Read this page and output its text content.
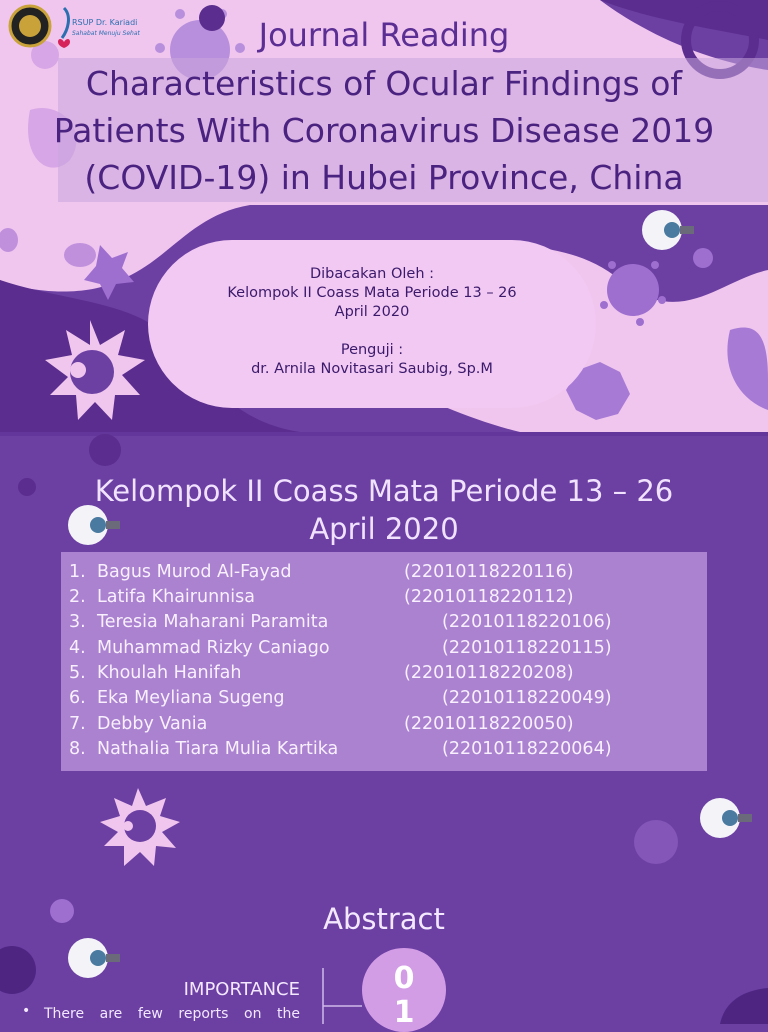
RSUP Dr. Kariadi
Sahabat Menuju Sehat	Journal Reading
Characteristics of Ocular Findings of
Patients With Coronavirus Disease 2019
(COVID-19) in Hubei Province, China
Dibacakan Oleh :
Kelompok II Coass Mata Periode 13 – 26
April 2020
Penguji :
dr. Arnila Novitasari Saubig, Sp.M
Kelompok II Coass Mata Periode 13 – 26
April 2020
1. Bagus Murod Al-Fayad	(22010118220116)
2. Latifa Khairunnisa	(22010118220112)
3. Teresia Maharani Paramita	(22010118220106)
4. Muhammad Rizky Caniago	(22010118220115)
5. Khoulah Hanifah	(22010118220208)
6. Eka Meyliana Sugeng	(22010118220049)
7. Debby Vania	(22010118220050)
8. Nathalia Tiara Mulia Kartika	(22010118220064)
Abstract
IMPORTANCE
• There are few reports on the
01
